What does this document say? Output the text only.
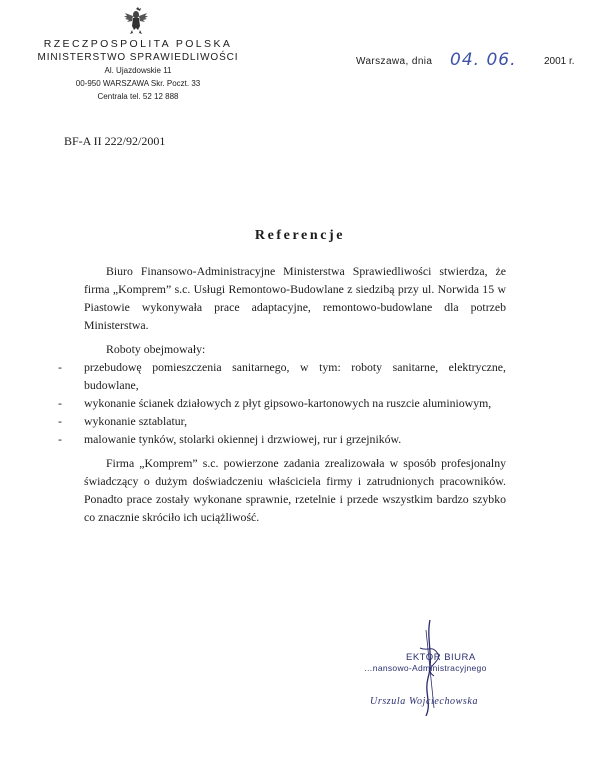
RZECZPOSPOLITA POLSKA
MINISTERSTWO SPRAWIEDLIWOŚCI
Al. Ujazdowskie 11
00-950 WARSZAWA Skr. Poczt. 33
Centrala tel. 52 12 888
Warszawa, dnia 04. 06.	2001 r.
BF-A II 222/92/2001
Referencje

Biuro Finansowo-Administracyjne Ministerstwa Sprawiedliwości stwierdza, że firma „Komprem” s.c. Usługi Remontowo-Budowlane z siedzibą przy ul. Norwida 15 w Piastowie wykonywała prace adaptacyjne, remontowo-budowlane dla potrzeb Ministerstwa.

Roboty obejmowały:

- przebudowę pomieszczenia sanitarnego, w tym: roboty sanitarne, elektryczne, budowlane,
- wykonanie ścianek działowych z płyt gipsowo-kartonowych na ruszcie aluminiowym,
- wykonanie sztablatur,
- malowanie tynków, stolarki okiennej i drzwiowej, rur i grzejników.

Firma „Komprem” s.c. powierzone zadania zrealizowała w sposób profesjonalny świadczący o dużym doświadczeniu właściciela firmy i zatrudnionych pracowników. Ponadto prace zostały wykonane sprawnie, rzetelnie i przede wszystkim bardzo szybko co znacznie skróciło ich uciążliwość.

EKTOR BIURA
…nansowo-Administracyjnego
Urszula Wojciechowska
